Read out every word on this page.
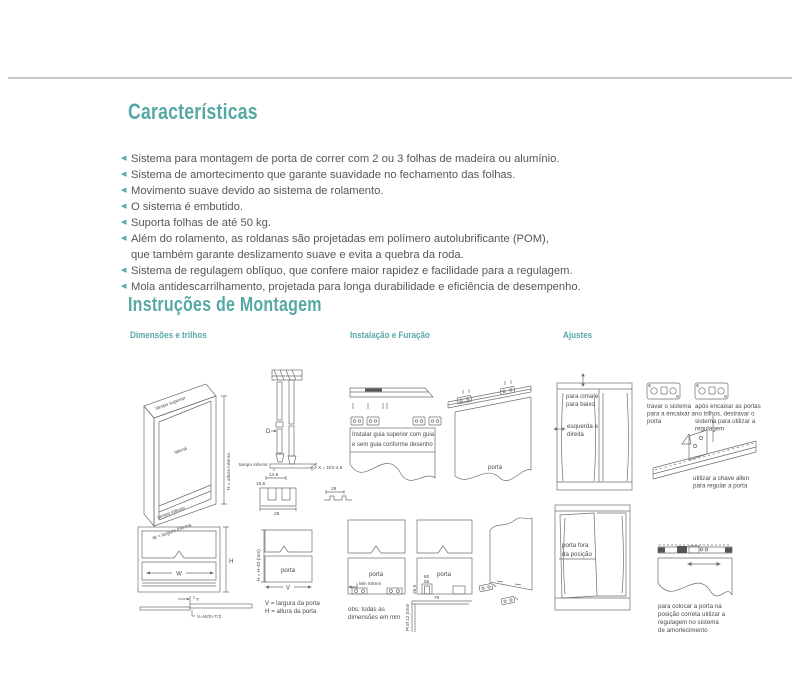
Características
◀ Sistema para montagem de porta de correr com 2 ou 3 folhas de madeira ou alumínio.
◀ Sistema de amortecimento que garante suavidade no fechamento das folhas.
◀ Movimento suave devido ao sistema de rolamento.
◀ O sistema é embutido.
◀ Suporta folhas de até 50 kg.
◀ Além do rolamento, as roldanas são projetadas em polímero autolubrificante (POM),
que também garante deslizamento suave e evita a quebra da roda.
◀ Sistema de regulagem oblíquo, que confere maior rapidez e facilidade para a regulagem.
◀ Mola antidescarrilhamento, projetada para longa durabilidade e eficiência de desempenho.
Instruções de Montagem
Dimensões e trilhos	Instalação e Furação	Ajustes
tampo superior
lateral
tampo inferior
W = largura interna
H = altura interna
D
tampo inferior
X = D/2-4,5
14,6
16,5
28
28
W
H	H = H-40 (mm)	porta
V
V = largura da porta
H = altura da porta
T
V=W/2+T/2
Instalar guia superior com guia
e sem guia conforme desenho
porta
porta
Min 50mm
obs: todas as
dimensões em mm
porta
80
55
26,5
76
Prof 12,5mm
para cima e
para baixo
esquerda e
direita
travar o sistema
para a encaixar a
porta
após encaixar as portas
no trilhos, destravar o
sistema para utilizar a
regulagem
utilizar a chave allen
para regular a porta
porta fora
da posição
para colocar a porta na
posição correta utilizar a
regulagem no sistema
de amortecimento
